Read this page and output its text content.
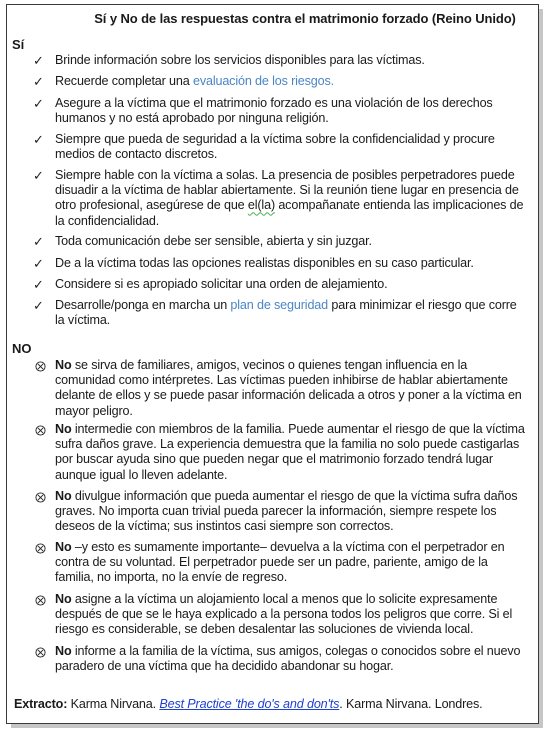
Sí y No de las respuestas contra el matrimonio forzado (Reino Unido)
Sí
✓ Brinde información sobre los servicios disponibles para las víctimas.
✓ Recuerde completar una evaluación de los riesgos.
✓ Asegure a la víctima que el matrimonio forzado es una violación de los derechos humanos y no está aprobado por ninguna religión.
✓ Siempre que pueda de seguridad a la víctima sobre la confidencialidad y procure medios de contacto discretos.
✓ Siempre hable con la víctima a solas. La presencia de posibles perpetradores puede disuadir a la víctima de hablar abiertamente. Si la reunión tiene lugar en presencia de otro profesional, asegúrese de que el(la) acompañanate entienda las implicaciones de la confidencialidad.
✓ Toda comunicación debe ser sensible, abierta y sin juzgar.
✓ De a la víctima todas las opciones realistas disponibles en su caso particular.
✓ Considere si es apropiado solicitar una orden de alejamiento.
✓ Desarrolle/ponga en marcha un plan de seguridad para minimizar el riesgo que corre la víctima.
NO
No se sirva de familiares, amigos, vecinos o quienes tengan influencia en la comunidad como intérpretes. Las víctimas pueden inhibirse de hablar abiertamente delante de ellos y se puede pasar información delicada a otros y poner a la víctima en mayor peligro.
No intermedie con miembros de la familia. Puede aumentar el riesgo de que la víctima sufra daños grave. La experiencia demuestra que la familia no solo puede castigarlas por buscar ayuda sino que pueden negar que el matrimonio forzado tendrá lugar aunque igual lo lleven adelante.
No divulgue información que pueda aumentar el riesgo de que la víctima sufra daños graves. No importa cuan trivial pueda parecer la información, siempre respete los deseos de la víctima; sus instintos casi siempre son correctos.
No –y esto es sumamente importante– devuelva a la víctima con el perpetrador en contra de su voluntad. El perpetrador puede ser un padre, pariente, amigo de la familia, no importa, no la envíe de regreso.
No asigne a la víctima un alojamiento local a menos que lo solicite expresamente después de que se le haya explicado a la persona todos los peligros que corre. Si el riesgo es considerable, se deben desalentar las soluciones de vivienda local.
No informe a la familia de la víctima, sus amigos, colegas o conocidos sobre el nuevo paradero de una víctima que ha decidido abandonar su hogar.
Extracto: Karma Nirvana. Best Practice 'the do's and don'ts. Karma Nirvana. Londres.
